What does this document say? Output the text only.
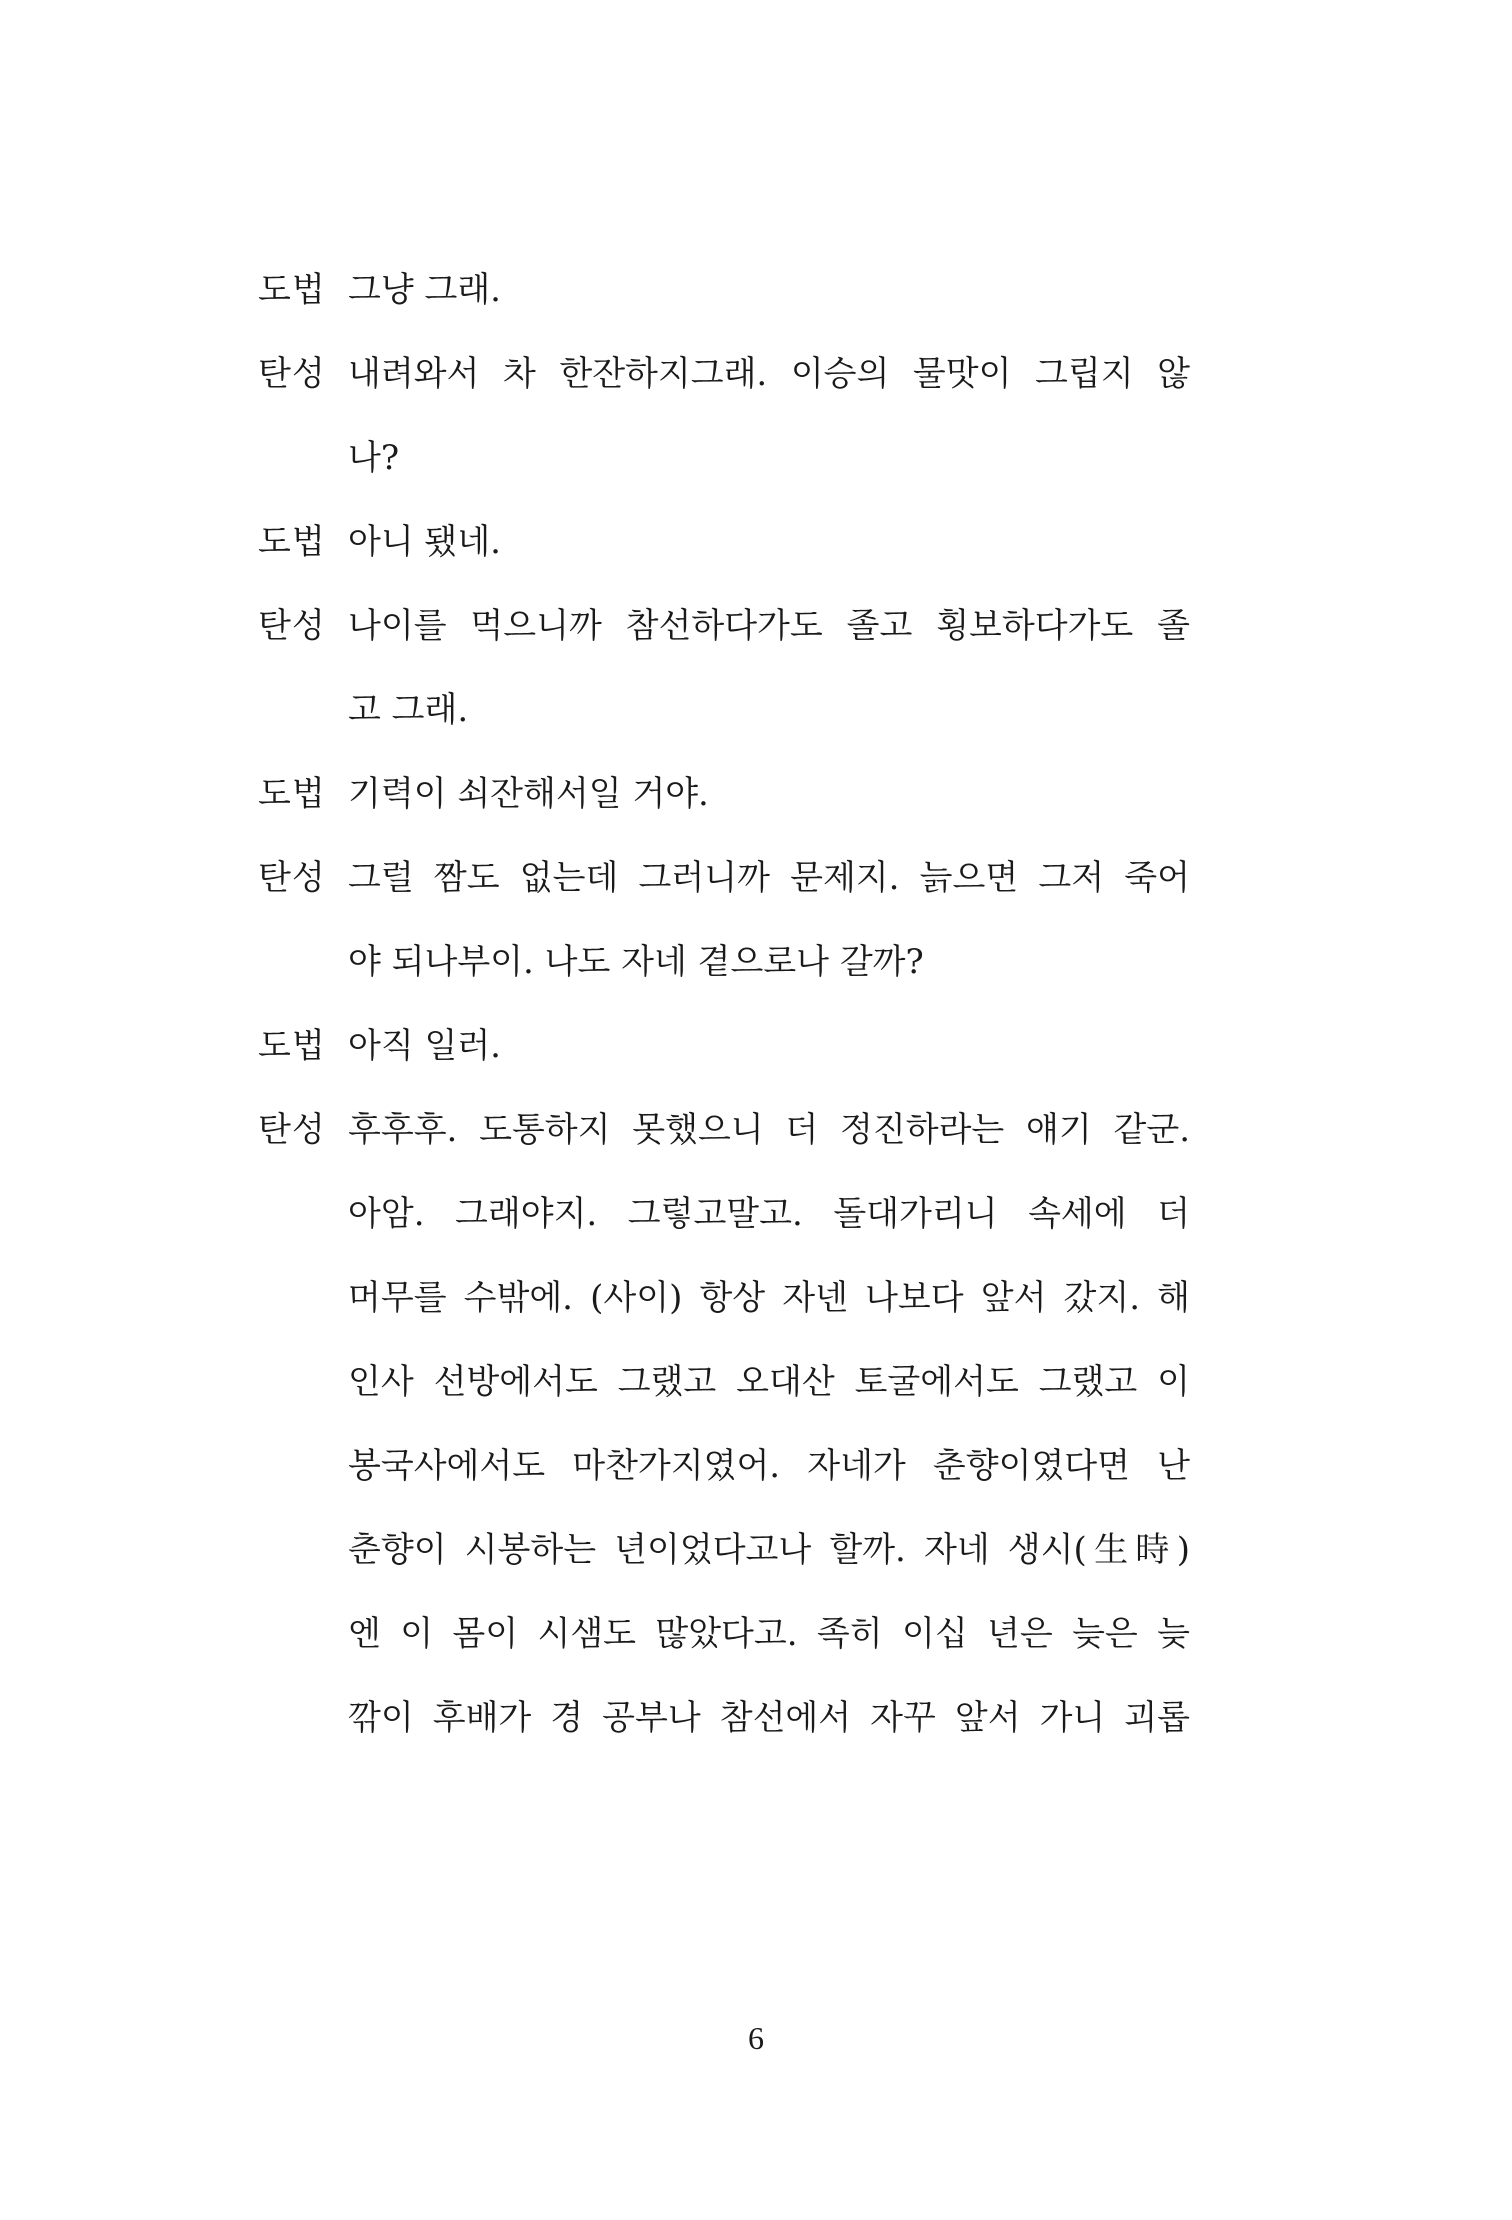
도법 그냥 그래.
탄성 내려와서 차 한잔하지그래. 이승의 물맛이 그립지 않
나?
도법 아니 됐네.
탄성 나이를 먹으니까 참선하다가도 졸고 횡보하다가도 졸
고 그래.
도법 기력이 쇠잔해서일 거야.
탄성 그럴 짬도 없는데 그러니까 문제지. 늙으면 그저 죽어
야 되나부이. 나도 자네 곁으로나 갈까?
도법 아직 일러.
탄성 후후후. 도통하지 못했으니 더 정진하라는 얘기 같군.
아암. 그래야지. 그렇고말고. 돌대가리니 속세에 더
머무를 수밖에. (사이) 항상 자넨 나보다 앞서 갔지. 해
인사 선방에서도 그랬고 오대산 토굴에서도 그랬고 이
봉국사에서도 마찬가지였어. 자네가 춘향이였다면 난
춘향이 시봉하는 년이었다고나 할까. 자네 생시(生時)
엔 이 몸이 시샘도 많았다고. 족히 이십 년은 늦은 늦
깎이 후배가 경 공부나 참선에서 자꾸 앞서 가니 괴롭
6
